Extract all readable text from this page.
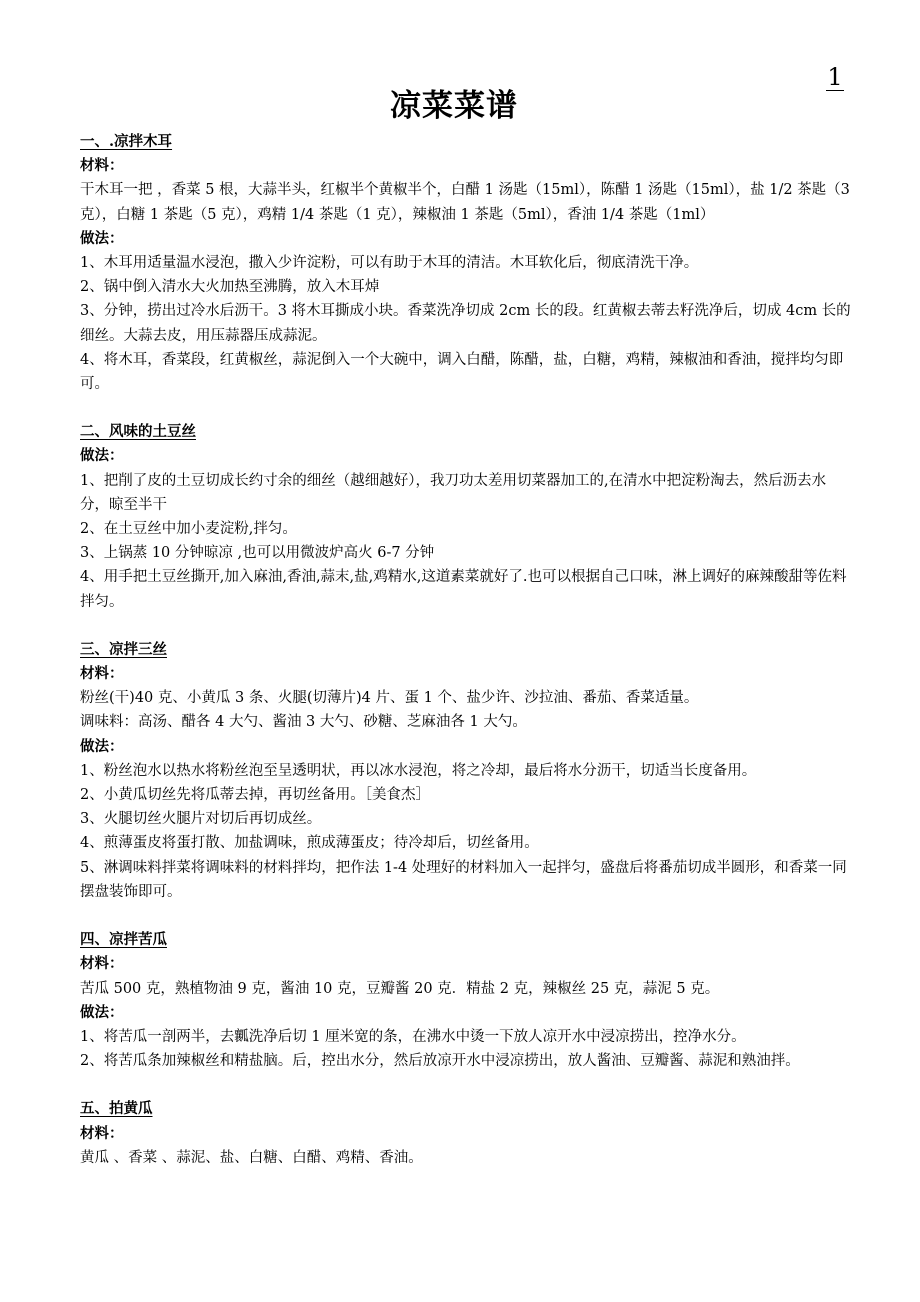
1
凉菜菜谱

一、.凉拌木耳

材料：

干木耳一把 ，香菜 5 根，大蒜半头，红椒半个黄椒半个，白醋 1 汤匙（15ml），陈醋 1 汤匙（15ml），盐 1/2 茶匙（3 克），白糖 1 茶匙（5 克），鸡精 1/4 茶匙（1 克），辣椒油 1 茶匙（5ml），香油 1/4 茶匙（1ml）

做法：

1、木耳用适量温水浸泡，撒入少许淀粉，可以有助于木耳的清洁。木耳软化后，彻底清洗干净。

2、锅中倒入清水大火加热至沸腾，放入木耳焯

3、分钟，捞出过冷水后沥干。3 将木耳撕成小块。香菜洗净切成 2cm 长的段。红黄椒去蒂去籽洗净后，切成 4cm 长的细丝。大蒜去皮，用压蒜器压成蒜泥。

4、将木耳，香菜段，红黄椒丝，蒜泥倒入一个大碗中，调入白醋，陈醋，盐，白糖，鸡精，辣椒油和香油，搅拌均匀即可。

二、风味的土豆丝

做法：

1、把削了皮的土豆切成长约寸余的细丝（越细越好），我刀功太差用切菜器加工的,在清水中把淀粉淘去，然后沥去水分，晾至半干

2、在土豆丝中加小麦淀粉,拌匀。

3、上锅蒸 10 分钟晾凉 ,也可以用微波炉高火 6-7 分钟

4、用手把土豆丝撕开,加入麻油,香油,蒜末,盐,鸡精水,这道素菜就好了.也可以根据自己口味，淋上调好的麻辣酸甜等佐料拌匀。

三、凉拌三丝

材料：

粉丝(干)40 克、小黄瓜 3 条、火腿(切薄片)4 片、蛋 1 个、盐少许、沙拉油、番茄、香菜适量。

调味料：高汤、醋各 4 大勺、酱油 3 大勺、砂糖、芝麻油各 1 大勺。

做法：

1、粉丝泡水以热水将粉丝泡至呈透明状，再以冰水浸泡，将之冷却，最后将水分沥干，切适当长度备用。

2、小黄瓜切丝先将瓜蒂去掉，再切丝备用。［美食杰］

3、火腿切丝火腿片对切后再切成丝。

4、煎薄蛋皮将蛋打散、加盐调味，煎成薄蛋皮；待冷却后，切丝备用。

5、淋调味料拌菜将调味料的材料拌均，把作法 1-4 处理好的材料加入一起拌匀，盛盘后将番茄切成半圆形，和香菜一同摆盘装饰即可。

四、凉拌苦瓜

材料：

苦瓜 500 克，熟植物油 9 克，酱油 10 克，豆瓣酱 20 克．精盐 2 克，辣椒丝 25 克，蒜泥 5 克。

做法：

1、将苦瓜一剖两半，去瓤洗净后切 1 厘米宽的条，在沸水中烫一下放人凉开水中浸凉捞出，控净水分。

2、将苦瓜条加辣椒丝和精盐脑。后，控出水分，然后放凉开水中浸凉捞出，放人酱油、豆瓣酱、蒜泥和熟油拌。

五、拍黄瓜

材料：

黄瓜 、香菜 、蒜泥、盐、白糖、白醋、鸡精、香油。
